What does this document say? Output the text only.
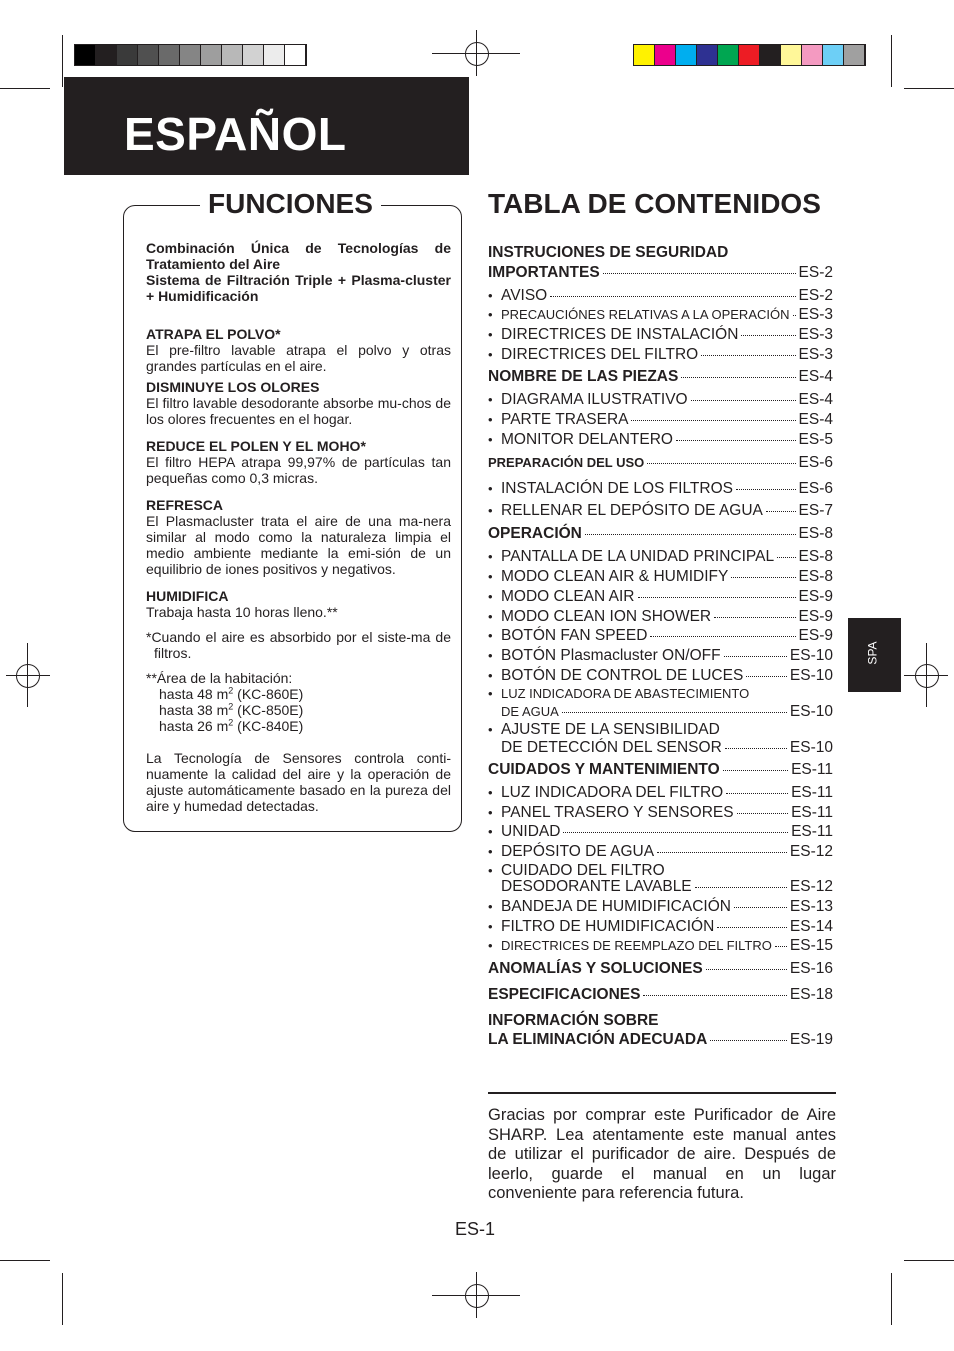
ESPAÑOL
FUNCIONES

Combinación Única de Tecnologías de Tratamiento del Aire

Sistema de Filtración Triple + Plasma-cluster + Humidificación

ATRAPA EL POLVO*

El pre-filtro lavable atrapa el polvo y otras grandes partículas en el aire.

DISMINUYE LOS OLORES

El filtro lavable desodorante absorbe mu-chos de los olores frecuentes en el hogar.

REDUCE EL POLEN Y EL MOHO*

El filtro HEPA atrapa 99,97% de partículas tan pequeñas como 0,3 micras.

REFRESCA

El Plasmacluster trata el aire de una ma-nera similar al modo como la naturaleza limpia el medio ambiente mediante la emi-sión de un equilibrio de iones positivos y negativos.

HUMIDIFICA

Trabaja hasta 10 horas lleno.**

*Cuando el aire es absorbido por el siste-ma de filtros.

**Área de la habitación:

hasta 48 $m^2$ (KC-860E)

hasta 38 $m^2$ (KC-850E)

hasta 26 $m^2$ (KC-840E)

La Tecnología de Sensores controla conti-nuamente la calidad del aire y la operación de ajuste automáticamente basado en la pureza del aire y humedad detectadas.

TABLA DE CONTENIDOS
INSTRUCIONES DE SEGURIDAD
IMPORTANTES	ES-2
• AVISO	ES-2
• PRECAUCIÓNES RELATIVAS A LA OPERACIÓN ES-3
• DIRECTRICES DE INSTALACIÓN	ES-3
• DIRECTRICES DEL FILTRO	ES-3
NOMBRE DE LAS PIEZAS	ES-4
• DIAGRAMA ILUSTRATIVO	ES-4
• PARTE TRASERA	ES-4
• MONITOR DELANTERO	ES-5
PREPARACIÓN DEL USO	ES-6
• INSTALACIÓN DE LOS FILTROS	ES-6
• RELLENAR EL DEPÓSITO DE AGUA ES-7
OPERACIÓN	ES-8
• PANTALLA DE LA UNIDAD PRINCIPAL ES-8
• MODO CLEAN AIR & HUMIDIFY	ES-8
• MODO CLEAN AIR	ES-9
• MODO CLEAN ION SHOWER	ES-9
• BOTÓN FAN SPEED	ES-9
• BOTÓN Plasmacluster ON/OFF	ES-10
• BOTÓN DE CONTROL DE LUCES	ES-10
• LUZ INDICADORA DE ABASTECIMIENTO
DE AGUA	ES-10
• AJUSTE DE LA SENSIBILIDAD
DE DETECCIÓN DEL SENSOR	ES-10
CUIDADOS Y MANTENIMIENTO	ES-11
• LUZ INDICADORA DEL FILTRO	ES-11
• PANEL TRASERO Y SENSORES	ES-11
• UNIDAD	ES-11
• DEPÓSITO DE AGUA	ES-12
• CUIDADO DEL FILTRO
DESODORANTE LAVABLE	ES-12
• BANDEJA DE HUMIDIFICACIÓN	ES-13
• FILTRO DE HUMIDIFICACIÓN	ES-14
• DIRECTRICES DE REEMPLAZO DEL FILTRO ES-15
ANOMALÍAS Y SOLUCIONES	ES-16
ESPECIFICACIONES	ES-18
INFORMACIÓN SOBRE
LA ELIMINACIÓN ADECUADA	ES-19
SPA
Gracias por comprar este Purificador de Aire SHARP. Lea atentamente este manual antes de utilizar el purificador de aire. Después de leerlo, guarde el manual en un lugar conveniente para referencia futura.
ES-1
